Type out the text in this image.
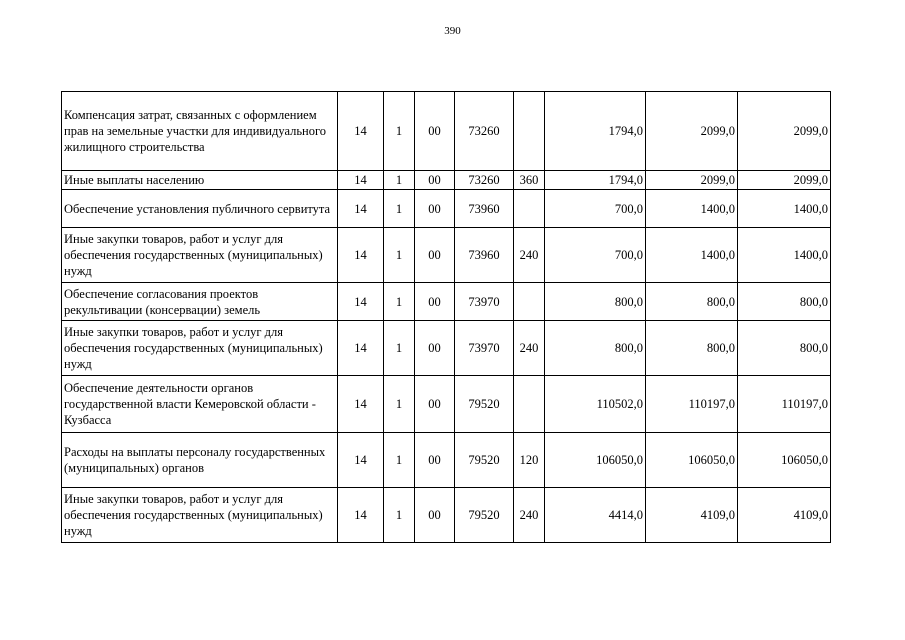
390
Компенсация затрат, связанных с оформлением прав на земельные участки для индивидуального жилищного строительства	14	1	00	73260		1794,0	2099,0	2099,0
Иные выплаты населению	14	1	00	73260	360	1794,0	2099,0	2099,0
Обеспечение установления публичного сервитута	14	1	00	73960		700,0	1400,0	1400,0
Иные закупки товаров, работ и услуг для обеспечения государственных (муниципальных) нужд	14	1	00	73960	240	700,0	1400,0	1400,0
Обеспечение согласования проектов рекультивации (консервации) земель	14	1	00	73970		800,0	800,0	800,0
Иные закупки товаров, работ и услуг для обеспечения государственных (муниципальных) нужд	14	1	00	73970	240	800,0	800,0	800,0
Обеспечение деятельности органов государственной власти Кемеровской области - Кузбасса	14	1	00	79520		110502,0	110197,0	110197,0
Расходы на выплаты персоналу государственных (муниципальных) органов	14	1	00	79520	120	106050,0	106050,0	106050,0
Иные закупки товаров, работ и услуг для обеспечения государственных (муниципальных) нужд	14	1	00	79520	240	4414,0	4109,0	4109,0
